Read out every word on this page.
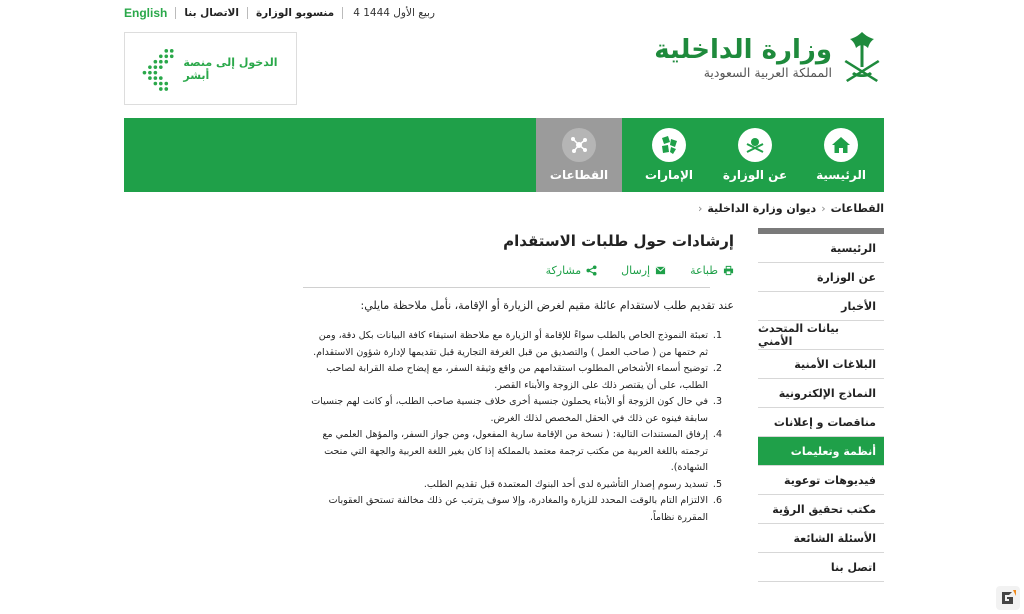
English الاتصال بنا منسوبو الوزارة 4 ربيع الأول 1444
الدخول إلى منصة أبشر
وزارة الداخلية
المملكة العربية السعودية
الرئيسية
عن الوزارة
الإمارات
القطاعات
القطاعات
‹
ديوان وزارة الداخلية
‹
الرئيسية
عن الوزارة
الأخبار
بيانات المتحدث الأمني
البلاغات الأمنية
النماذج الإلكترونية
مناقصات و إعلانات
أنظمة وتعليمات
فيديوهات توعوية
مكتب تحقيق الرؤية
الأسئلة الشائعة
اتصل بنا
إرشادات حول طلبات الاستقدام
طباعة
إرسال
مشاركة
عند تقديم طلب لاستقدام عائلة مقيم لغرض الزيارة أو الإقامة، نأمل ملاحظة مايلي:
1.
تعبئة النموذج الخاص بالطلب سواءً للإقامة أو الزيارة مع ملاحظة استيفاء كافة البيانات بكل دقة، ومن ثم ختمها من ( صاحب العمل ) والتصديق من قبل الغرفة التجارية قبل تقديمها لإدارة شؤون الاستقدام.
2.
توضيح أسماء الأشخاص المطلوب استقدامهم من واقع وثيقة السفر، مع إيضاح صلة القرابة لصاحب الطلب، على أن يقتصر ذلك على الزوجة والأبناء القصر.
3.
في حال كون الزوجة أو الأبناء يحملون جنسية أخرى خلاف جنسية صاحب الطلب، أو كانت لهم جنسيات سابقة فينوه عن ذلك في الحقل المخصص لذلك الغرض.
4.
إرفاق المستندات التالية: ( نسخة من الإقامة سارية المفعول، ومن جواز السفر، والمؤهل العلمي مع ترجمته باللغة العربية من مكتب ترجمة معتمد بالمملكة إذا كان بغير اللغة العربية والجهة التي منحت الشهادة).
5.
تسديد رسوم إصدار التأشيرة لدى أحد البنوك المعتمدة قبل تقديم الطلب.
6.
الالتزام التام بالوقت المحدد للزيارة والمغادرة، وإلا سوف يترتب عن ذلك مخالفة تستحق العقوبات المقررة نظاماً.
